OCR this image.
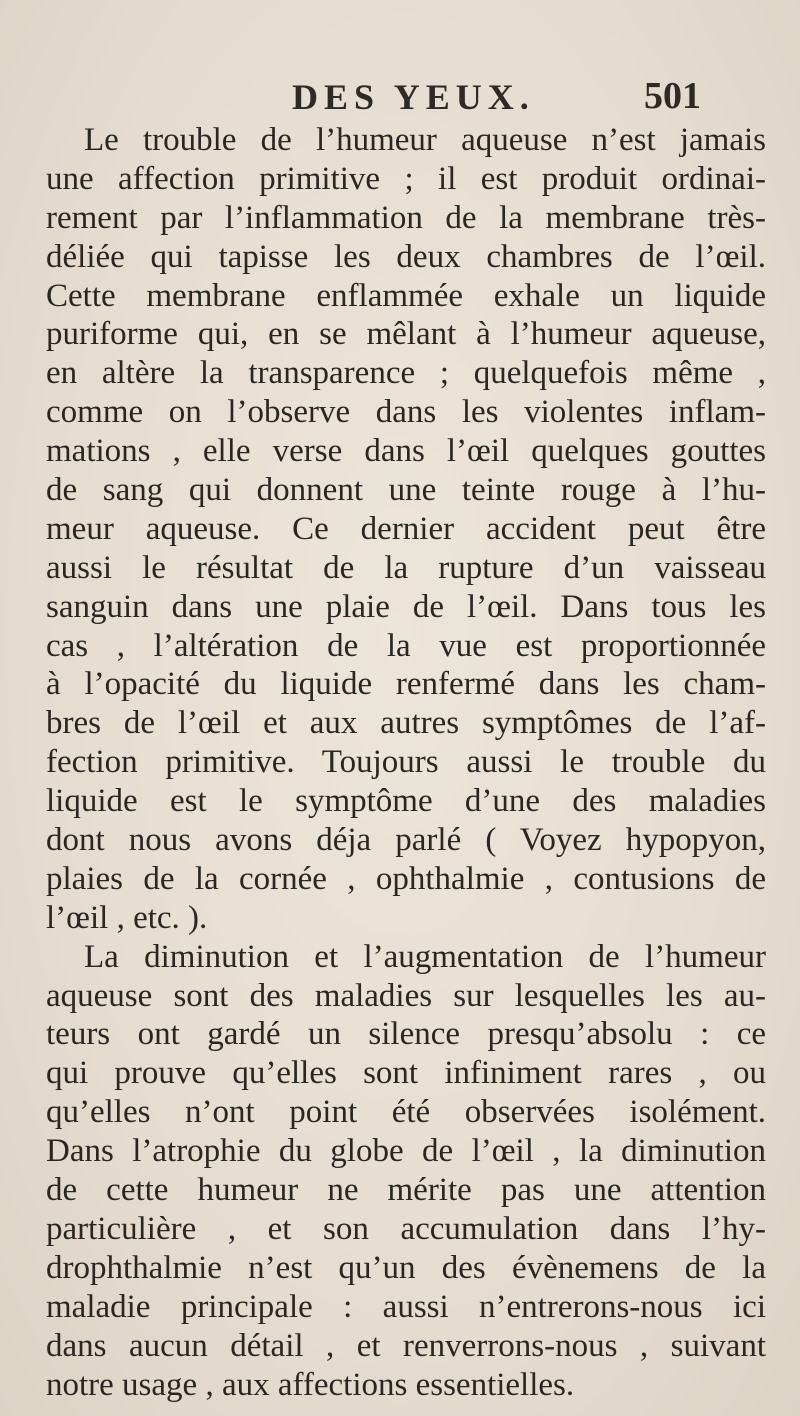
DES YEUX.	501
Le trouble de l’humeur aqueuse n’est jamais
une affection primitive ; il est produit ordinai-
rement par l’inflammation de la membrane très-
déliée qui tapisse les deux chambres de l’œil.
Cette membrane enflammée exhale un liquide
puriforme qui, en se mêlant à l’humeur aqueuse,
en altère la transparence ; quelquefois même ,
comme on l’observe dans les violentes inflam-
mations , elle verse dans l’œil quelques gouttes
de sang qui donnent une teinte rouge à l’hu-
meur aqueuse. Ce dernier accident peut être
aussi le résultat de la rupture d’un vaisseau
sanguin dans une plaie de l’œil. Dans tous les
cas , l’altération de la vue est proportionnée
à l’opacité du liquide renfermé dans les cham-
bres de l’œil et aux autres symptômes de l’af-
fection primitive. Toujours aussi le trouble du
liquide est le symptôme d’une des maladies
dont nous avons déja parlé ( Voyez hypopyon,
plaies de la cornée , ophthalmie , contusions de
l’œil , etc. ).
La diminution et l’augmentation de l’humeur
aqueuse sont des maladies sur lesquelles les au-
teurs ont gardé un silence presqu’absolu : ce
qui prouve qu’elles sont infiniment rares , ou
qu’elles n’ont point été observées isolément.
Dans l’atrophie du globe de l’œil , la diminution
de cette humeur ne mérite pas une attention
particulière , et son accumulation dans l’hy-
drophthalmie n’est qu’un des évènemens de la
maladie principale : aussi n’entrerons-nous ici
dans aucun détail , et renverrons-nous , suivant
notre usage , aux affections essentielles.
